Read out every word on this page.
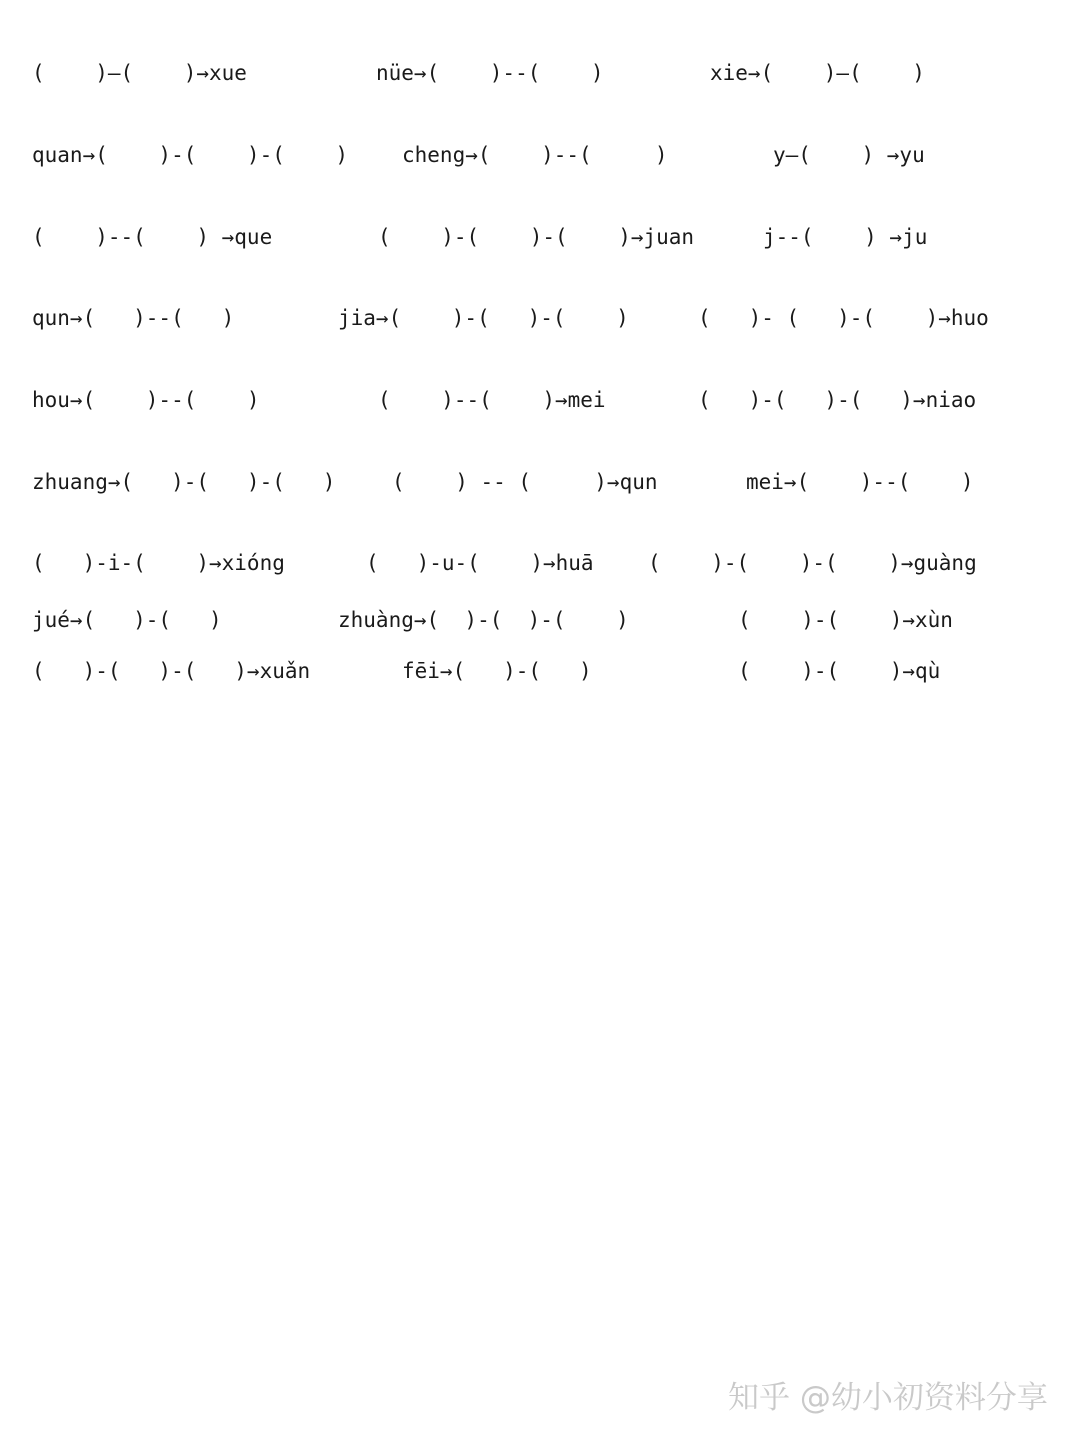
(    )—(    )→xue	nüe→(    )--(    )	xie→(    )—(    )
quan→(    )-(    )-(    )	cheng→(    )--(     )	y—(    ) →yu
(    )--(    ) →que	(    )-(    )-(    )→juan	j--(    ) →ju
qun→(   )--(   )	jia→(    )-(   )-(    )	(   )- (   )-(    )→huo
hou→(    )--(    )	(    )--(    )→mei	(   )-(   )-(   )→niao
zhuang→(   )-(   )-(   )	(    ) -- (     )→qun	mei→(    )--(    )
(   )-i-(    )→xióng	(   )-u-(    )→huā	(    )-(    )-(    )→guàng
jué→(   )-(   )	zhuàng→(  )-(  )-(    )	(    )-(    )→xùn
(   )-(   )-(   )→xuǎn	fēi→(   )-(   )	(    )-(    )→qù
知乎 @幼小初资料分享
